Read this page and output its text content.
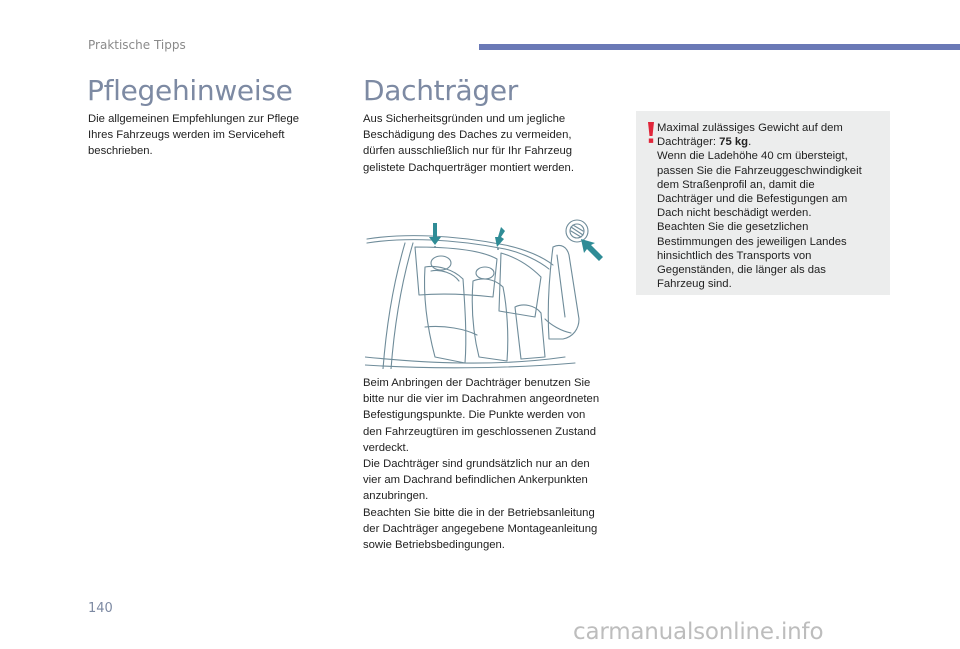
Praktische Tipps
Pflegehinweise
Die allgemeinen Empfehlungen zur Pflege
Ihres Fahrzeugs werden im Serviceheft
beschrieben.
Dachträger
Aus Sicherheitsgründen und um jegliche
Beschädigung des Daches zu vermeiden,
dürfen ausschließlich nur für Ihr Fahrzeug
gelistete Dachquerträger montiert werden.
Beim Anbringen der Dachträger benutzen Sie
bitte nur die vier im Dachrahmen angeordneten
Befestigungspunkte. Die Punkte werden von
den Fahrzeugtüren im geschlossenen Zustand
verdeckt.
Die Dachträger sind grundsätzlich nur an den
vier am Dachrand befindlichen Ankerpunkten
anzubringen.
Beachten Sie bitte die in der Betriebsanleitung
der Dachträger angegebene Montageanleitung
sowie Betriebsbedingungen.
Maximal zulässiges Gewicht auf dem
Dachträger: 75 kg.
Wenn die Ladehöhe 40 cm übersteigt,
passen Sie die Fahrzeuggeschwindigkeit
dem Straßenprofil an, damit die
Dachträger und die Befestigungen am
Dach nicht beschädigt werden.
Beachten Sie die gesetzlichen
Bestimmungen des jeweiligen Landes
hinsichtlich des Transports von
Gegenständen, die länger als das
Fahrzeug sind.
140
carmanualsonline.info
